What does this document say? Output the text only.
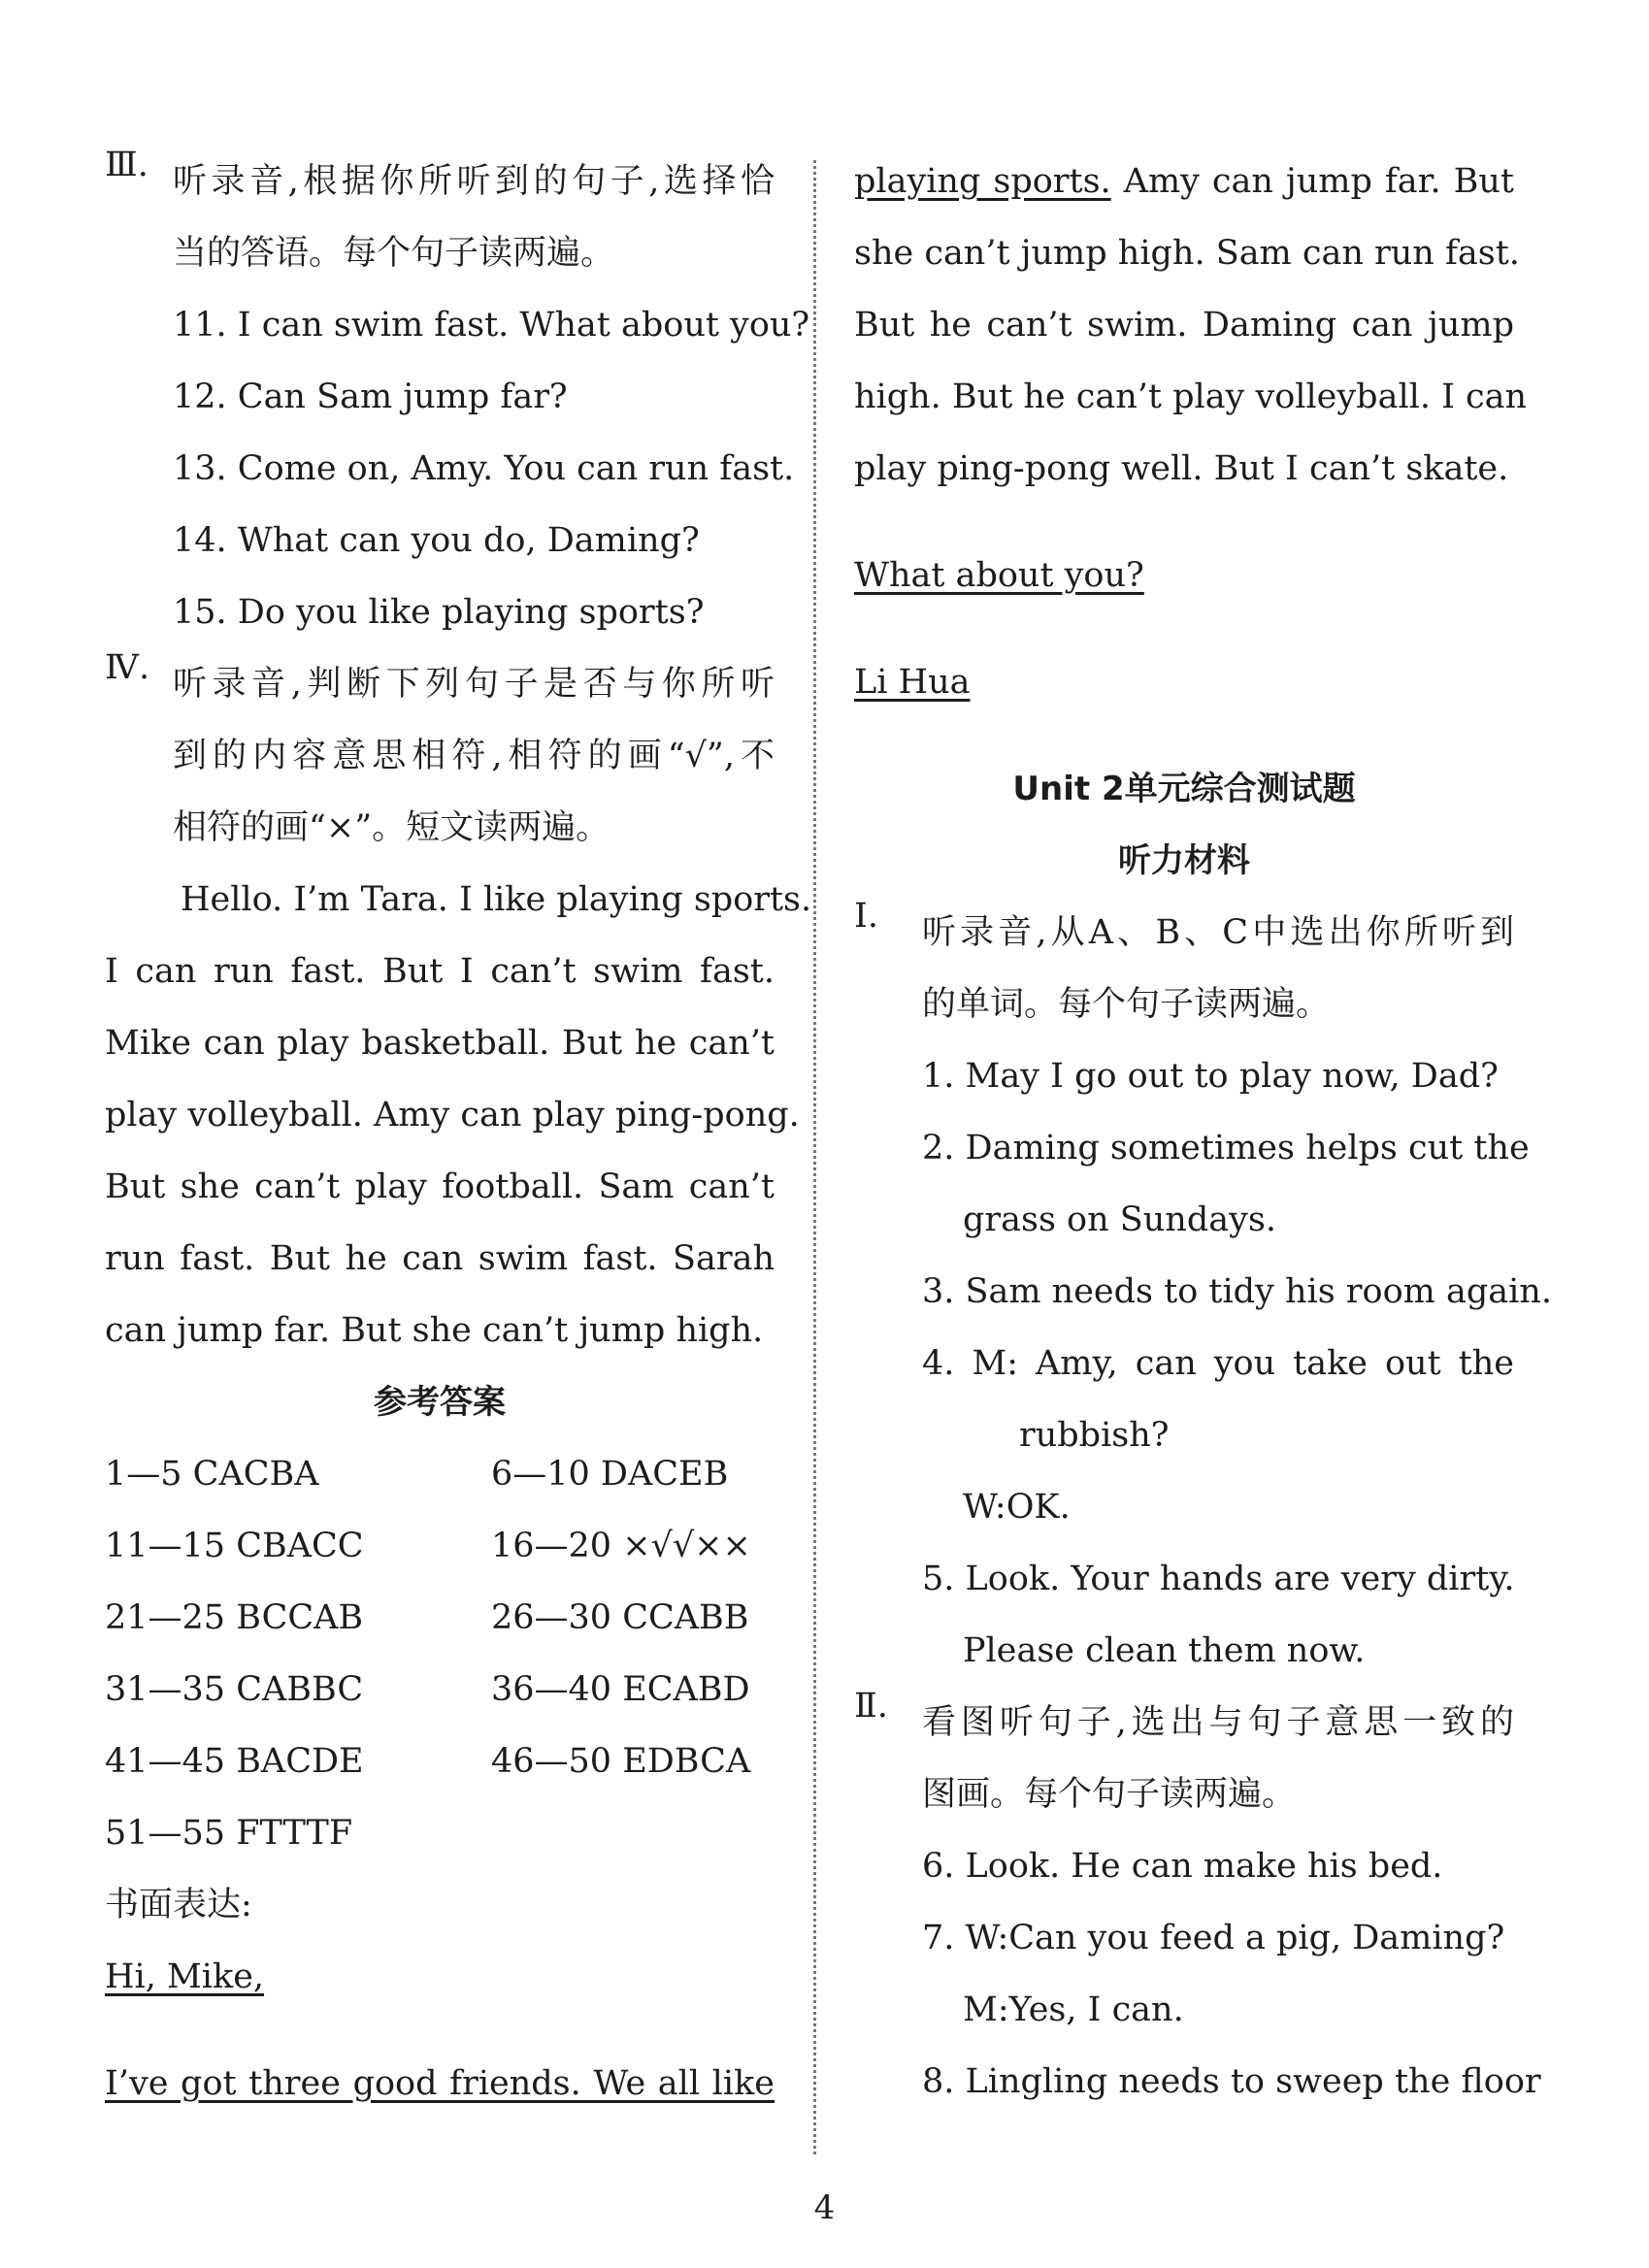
Ⅲ. 听录音,根据你所听到的句子,选择恰
当的答语。每个句子读两遍。
11. I can swim fast. What about you?
12. Can Sam jump far?
13. Come on, Amy. You can run fast.
14. What can you do, Daming?
15. Do you like playing sports?
Ⅳ. 听录音,判断下列句子是否与你所听
到的内容意思相符,相符的画“√”,不
相符的画“×”。短文读两遍。
Hello. I’m Tara. I like playing sports.
I can run fast. But I can’t swim fast.
Mike can play basketball. But he can’t
play volleyball. Amy can play ping-pong.
But she can’t play football. Sam can’t
run fast. But he can swim fast. Sarah
can jump far. But she can’t jump high.
参考答案
1—5 CACBA	6—10 DACEB
11—15 CBACC	16—20 ×√√××
21—25 BCCAB	26—30 CCABB
31—35 CABBC	36—40 ECABD
41—45 BACDE	46—50 EDBCA
51—55 FTTTF
书面表达:
Hi, Mike,
I’ve got three good friends. We all like
playing sports. Amy can jump far. But
she can’t jump high. Sam can run fast.
But he can’t swim. Daming can jump
high. But he can’t play volleyball. I can
play ping-pong well. But I can’t skate.
What about you?
Li Hua
Unit 2单元综合测试题
听力材料
Ⅰ.	听录音,从A、B、C中选出你所听到
的单词。每个句子读两遍。
1. May I go out to play now, Dad?
2. Daming sometimes helps cut the
grass on Sundays.
3. Sam needs to tidy his room again.
4. M: Amy, can you take out the
rubbish?
W:OK.
5. Look. Your hands are very dirty.
Please clean them now.
Ⅱ.	看图听句子,选出与句子意思一致的
图画。每个句子读两遍。
6. Look. He can make his bed.
7. W:Can you feed a pig, Daming?
M:Yes, I can.
8. Lingling needs to sweep the floor
4
